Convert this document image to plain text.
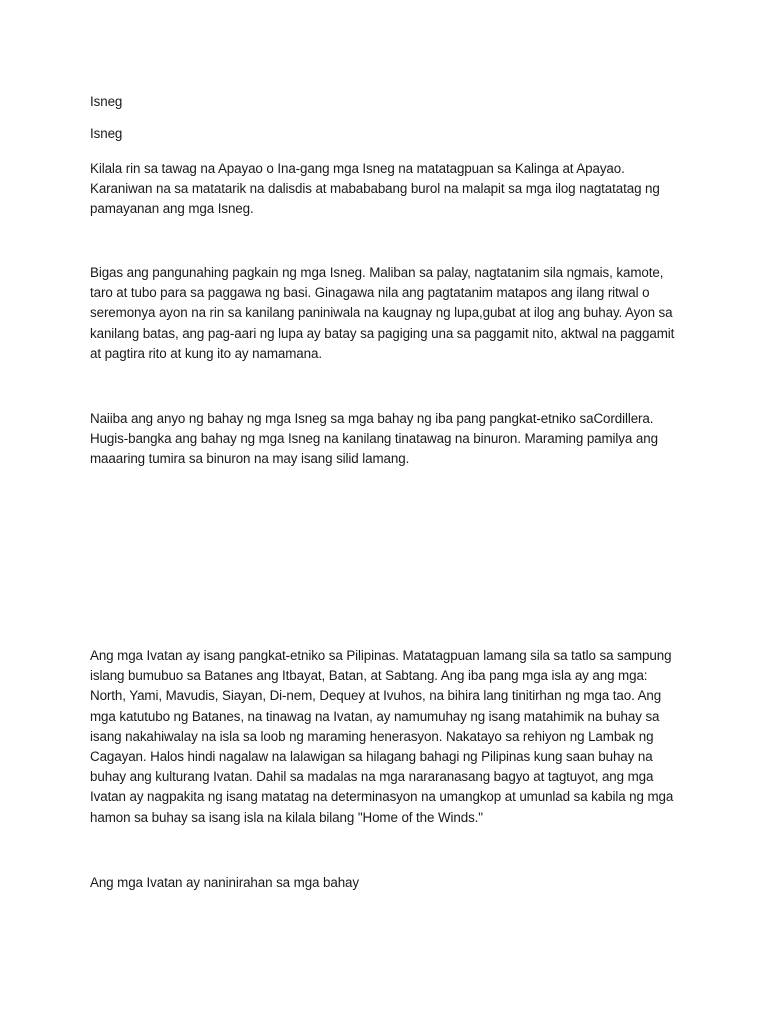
Isneg

Isneg

Kilala rin sa tawag na Apayao o Ina-gang mga Isneg na matatagpuan sa Kalinga at Apayao. Karaniwan na sa matatarik na dalisdis at mabababang burol na malapit sa mga ilog nagtatatag ng pamayanan ang mga Isneg.

Bigas ang pangunahing pagkain ng mga Isneg. Maliban sa palay, nagtatanim sila ngmais, kamote, taro at tubo para sa paggawa ng basi. Ginagawa nila ang pagtatanim matapos ang ilang ritwal o seremonya ayon na rin sa kanilang paniniwala na kaugnay ng lupa,gubat at ilog ang buhay. Ayon sa kanilang batas, ang pag-aari ng lupa ay batay sa pagiging una sa paggamit nito, aktwal na paggamit at pagtira rito at kung ito ay namamana.

Naiiba ang anyo ng bahay ng mga Isneg sa mga bahay ng iba pang pangkat-etniko saCordillera. Hugis-bangka ang bahay ng mga Isneg na kanilang tinatawag na binuron. Maraming pamilya ang maaaring tumira sa binuron na may isang silid lamang.

Ang mga Ivatan ay isang pangkat-etniko sa Pilipinas. Matatagpuan lamang sila sa tatlo sa sampung islang bumubuo sa Batanes ang Itbayat, Batan, at Sabtang. Ang iba pang mga isla ay ang mga: North, Yami, Mavudis, Siayan, Di-nem, Dequey at Ivuhos, na bihira lang tinitirhan ng mga tao. Ang mga katutubo ng Batanes, na tinawag na Ivatan, ay namumuhay ng isang matahimik na buhay sa isang nakahiwalay na isla sa loob ng maraming henerasyon. Nakatayo sa rehiyon ng Lambak ng Cagayan. Halos hindi nagalaw na lalawigan sa hilagang bahagi ng Pilipinas kung saan buhay na buhay ang kulturang Ivatan. Dahil sa madalas na mga nararanasang bagyo at tagtuyot, ang mga Ivatan ay nagpakita ng isang matatag na determinasyon na umangkop at umunlad sa kabila ng mga hamon sa buhay sa isang isla na kilala bilang "Home of the Winds."

Ang mga Ivatan ay naninirahan sa mga bahay
